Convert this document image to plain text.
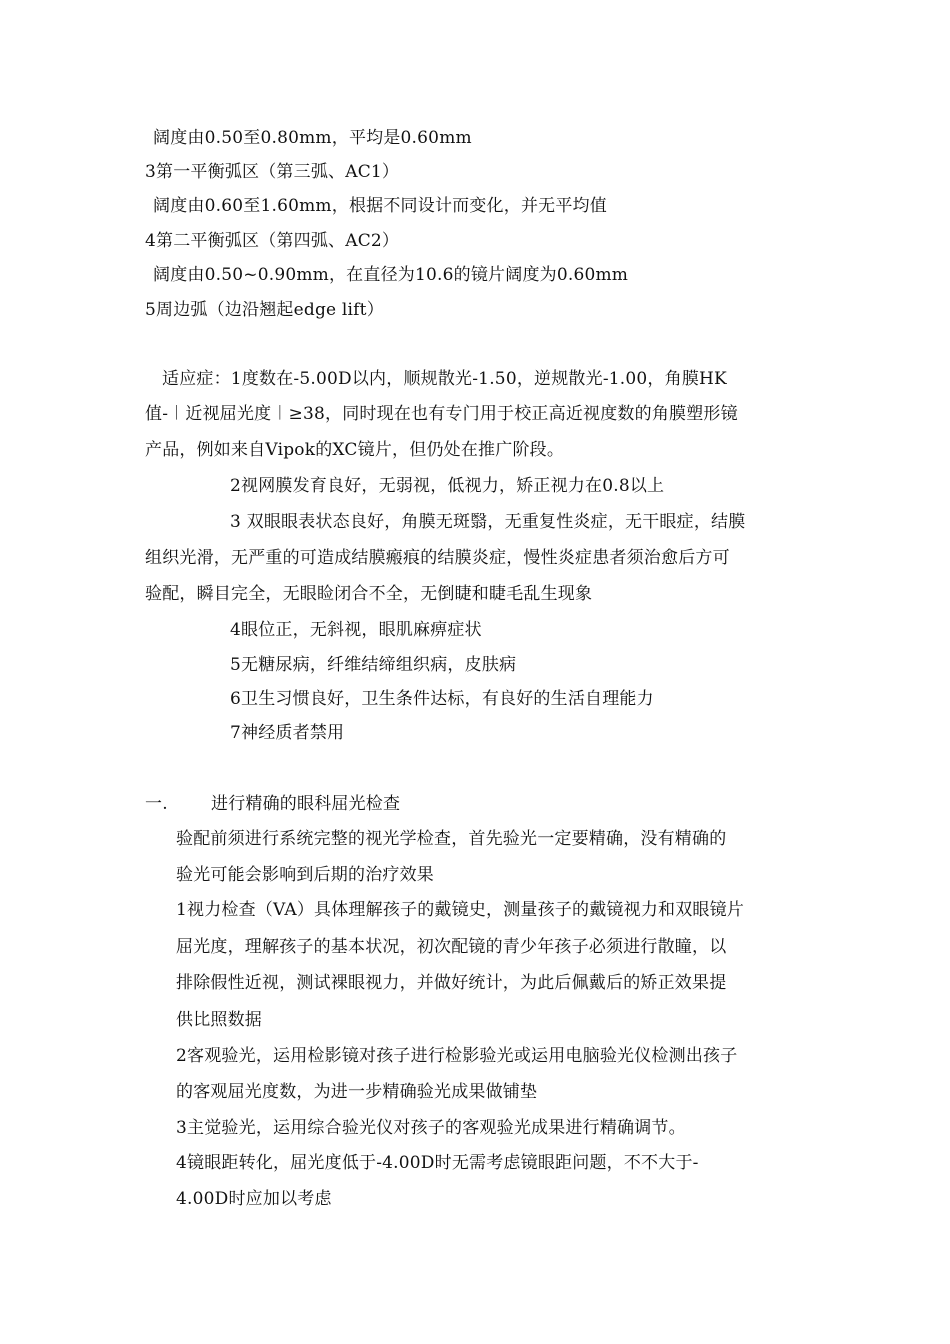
阔度由0.50至0.80mm，平均是0.60mm
3第一平衡弧区（第三弧、AC1）
阔度由0.60至1.60mm，根据不同设计而变化，并无平均值
4第二平衡弧区（第四弧、AC2）
阔度由0.50~0.90mm，在直径为10.6的镜片阔度为0.60mm
5周边弧（边沿翘起edge lift）
适应症：1度数在-5.00D以内，顺规散光-1.50，逆规散光-1.00，角膜HK
值-︱近视屈光度︱≥38，同时现在也有专门用于校正高近视度数的角膜塑形镜
产品，例如来自Vipok的XC镜片，但仍处在推广阶段。
2视网膜发育良好，无弱视，低视力，矫正视力在0.8以上
3 双眼眼表状态良好，角膜无斑翳，无重复性炎症，无干眼症，结膜
组织光滑，无严重的可造成结膜瘢痕的结膜炎症，慢性炎症患者须治愈后方可
验配，瞬目完全，无眼睑闭合不全，无倒睫和睫毛乱生现象
4眼位正，无斜视，眼肌麻痹症状
5无糖尿病，纤维结缔组织病，皮肤病
6卫生习惯良好，卫生条件达标，有良好的生活自理能力
7神经质者禁用
一.	进行精确的眼科屈光检查
验配前须进行系统完整的视光学检查，首先验光一定要精确，没有精确的
验光可能会影响到后期的治疗效果
1视力检查（VA）具体理解孩子的戴镜史，测量孩子的戴镜视力和双眼镜片
屈光度，理解孩子的基本状况，初次配镜的青少年孩子必须进行散瞳，以
排除假性近视，测试裸眼视力，并做好统计，为此后佩戴后的矫正效果提
供比照数据
2客观验光，运用检影镜对孩子进行检影验光或运用电脑验光仪检测出孩子
的客观屈光度数，为进一步精确验光成果做铺垫
3主觉验光，运用综合验光仪对孩子的客观验光成果进行精确调节。
4镜眼距转化，屈光度低于-4.00D时无需考虑镜眼距问题，不不大于-
4.00D时应加以考虑
